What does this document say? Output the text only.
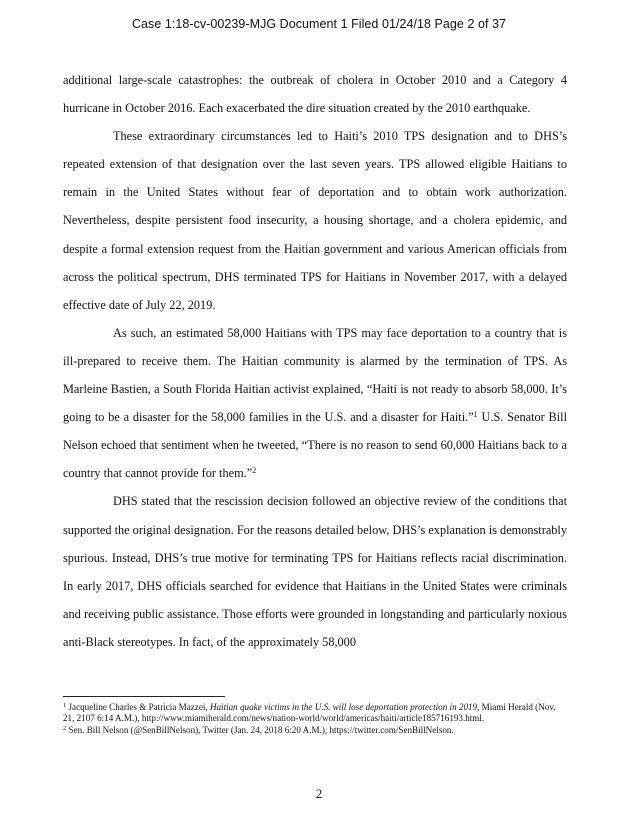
Case 1:18-cv-00239-MJG Document 1 Filed 01/24/18 Page 2 of 37

additional large-scale catastrophes: the outbreak of cholera in October 2010 and a Category 4 hurricane in October 2016. Each exacerbated the dire situation created by the 2010 earthquake.

These extraordinary circumstances led to Haiti’s 2010 TPS designation and to DHS’s repeated extension of that designation over the last seven years. TPS allowed eligible Haitians to remain in the United States without fear of deportation and to obtain work authorization. Nevertheless, despite persistent food insecurity, a housing shortage, and a cholera epidemic, and despite a formal extension request from the Haitian government and various American officials from across the political spectrum, DHS terminated TPS for Haitians in November 2017, with a delayed effective date of July 22, 2019.

As such, an estimated 58,000 Haitians with TPS may face deportation to a country that is ill-prepared to receive them. The Haitian community is alarmed by the termination of TPS. As Marleine Bastien, a South Florida Haitian activist explained, “Haiti is not ready to absorb 58,000. It’s going to be a disaster for the 58,000 families in the U.S. and a disaster for Haiti.”$^1$ U.S. Senator Bill Nelson echoed that sentiment when he tweeted, “There is no reason to send 60,000 Haitians back to a country that cannot provide for them.”$^2$

DHS stated that the rescission decision followed an objective review of the conditions that supported the original designation. For the reasons detailed below, DHS’s explanation is demonstrably spurious. Instead, DHS’s true motive for terminating TPS for Haitians reflects racial discrimination. In early 2017, DHS officials searched for evidence that Haitians in the United States were criminals and receiving public assistance. Those efforts were grounded in longstanding and particularly noxious anti-Black stereotypes. In fact, of the approximately 58,000

$^1$ Jacqueline Charles & Patricia Mazzei, Haitian quake victims in the U.S. will lose deportation protection in 2019, Miami Herald (Nov. 21, 2107 6:14 A.M.), http://www.miamiherald.com/news/nation-world/world/americas/haiti/article185716193.html.

$^2$ Sen. Bill Nelson (@SenBillNelson), Twitter (Jan. 24, 2018 6:20 A.M.), https://twitter.com/SenBillNelson.

2
